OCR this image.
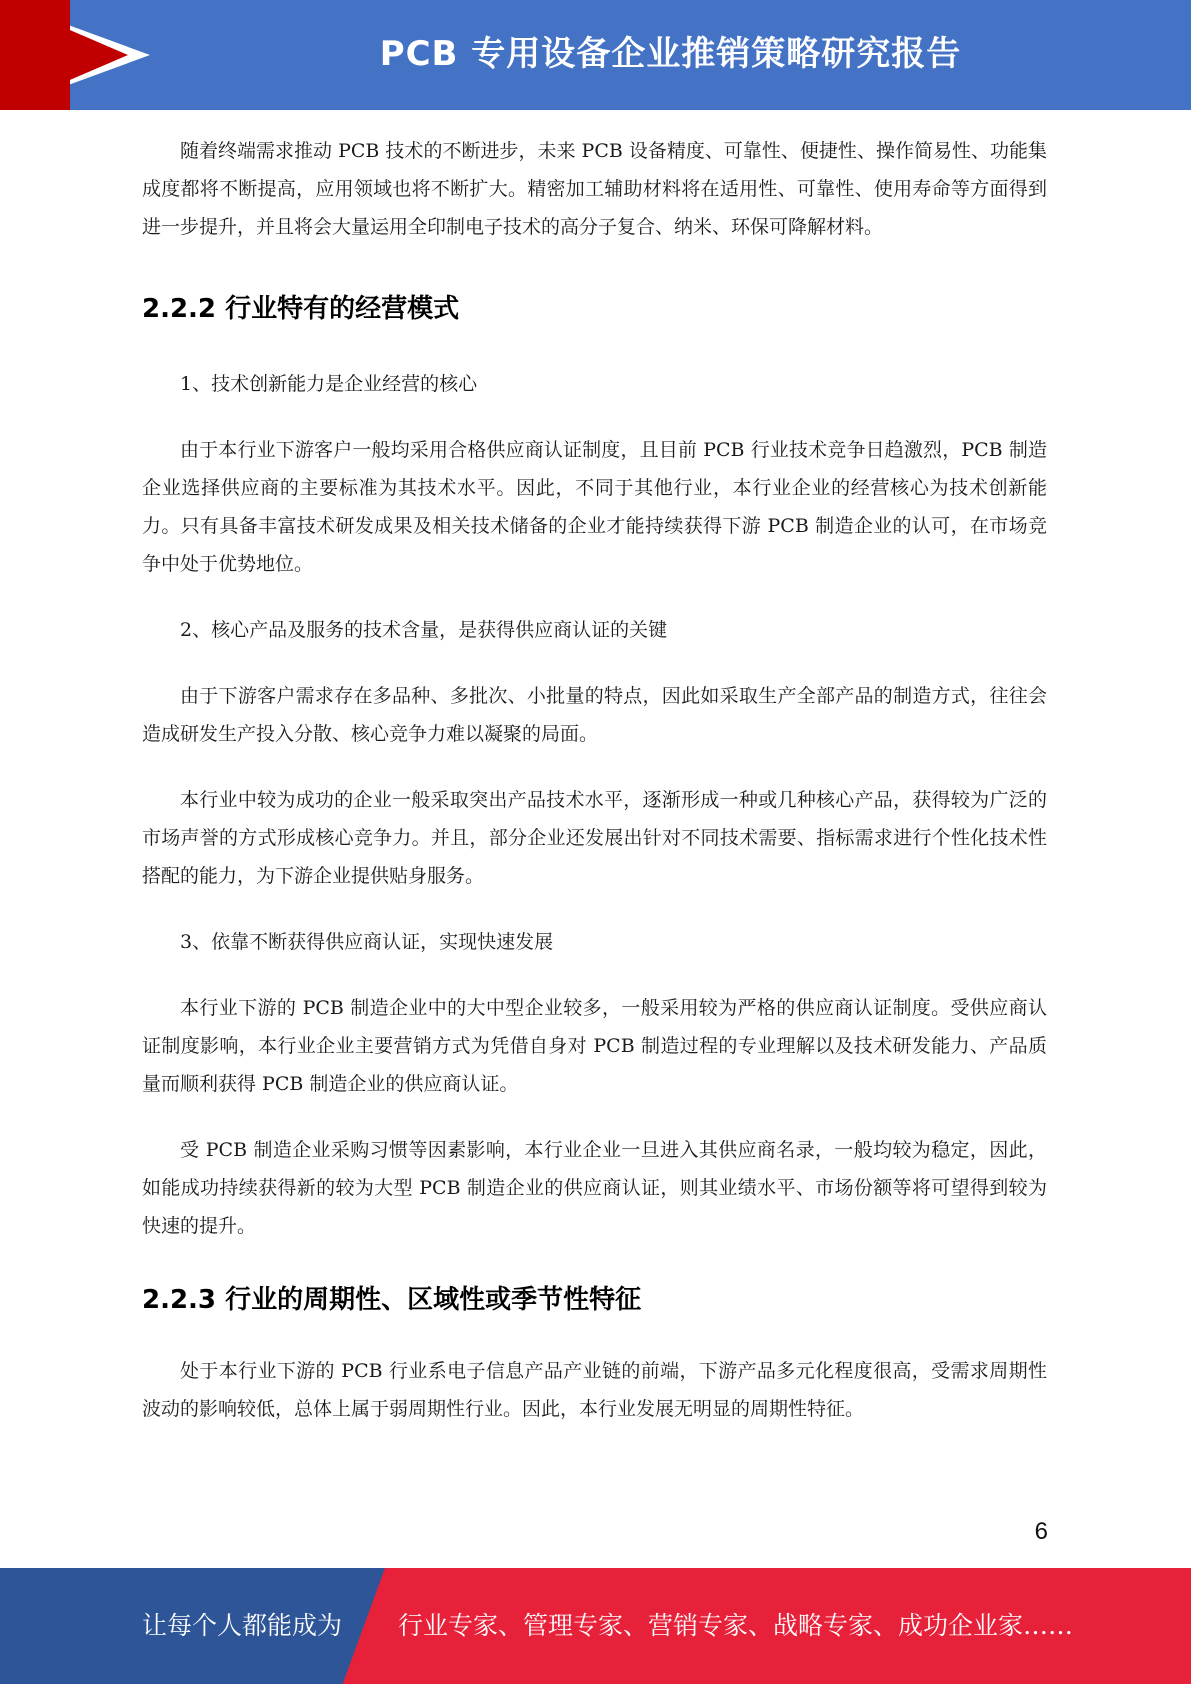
PCB 专用设备企业推销策略研究报告

随着终端需求推动 PCB 技术的不断进步，未来 PCB 设备精度、可靠性、便捷性、操作简易性、功能集成度都将不断提高，应用领域也将不断扩大。精密加工辅助材料将在适用性、可靠性、使用寿命等方面得到进一步提升，并且将会大量运用全印制电子技术的高分子复合、纳米、环保可降解材料。

2.2.2 行业特有的经营模式

1、技术创新能力是企业经营的核心

由于本行业下游客户一般均采用合格供应商认证制度，且目前 PCB 行业技术竞争日趋激烈，PCB 制造企业选择供应商的主要标准为其技术水平。因此，不同于其他行业，本行业企业的经营核心为技术创新能力。只有具备丰富技术研发成果及相关技术储备的企业才能持续获得下游 PCB 制造企业的认可，在市场竞争中处于优势地位。

2、核心产品及服务的技术含量，是获得供应商认证的关键

由于下游客户需求存在多品种、多批次、小批量的特点，因此如采取生产全部产品的制造方式，往往会造成研发生产投入分散、核心竞争力难以凝聚的局面。

本行业中较为成功的企业一般采取突出产品技术水平，逐渐形成一种或几种核心产品，获得较为广泛的市场声誉的方式形成核心竞争力。并且，部分企业还发展出针对不同技术需要、指标需求进行个性化技术性搭配的能力，为下游企业提供贴身服务。

3、依靠不断获得供应商认证，实现快速发展

本行业下游的 PCB 制造企业中的大中型企业较多，一般采用较为严格的供应商认证制度。受供应商认证制度影响，本行业企业主要营销方式为凭借自身对 PCB 制造过程的专业理解以及技术研发能力、产品质量而顺利获得 PCB 制造企业的供应商认证。

受 PCB 制造企业采购习惯等因素影响，本行业企业一旦进入其供应商名录，一般均较为稳定，因此，如能成功持续获得新的较为大型 PCB 制造企业的供应商认证，则其业绩水平、市场份额等将可望得到较为快速的提升。

2.2.3 行业的周期性、区域性或季节性特征

处于本行业下游的 PCB 行业系电子信息产品产业链的前端，下游产品多元化程度很高，受需求周期性波动的影响较低，总体上属于弱周期性行业。因此，本行业发展无明显的周期性特征。

6
让每个人都能成为 行业专家、管理专家、营销专家、战略专家、成功企业家……
